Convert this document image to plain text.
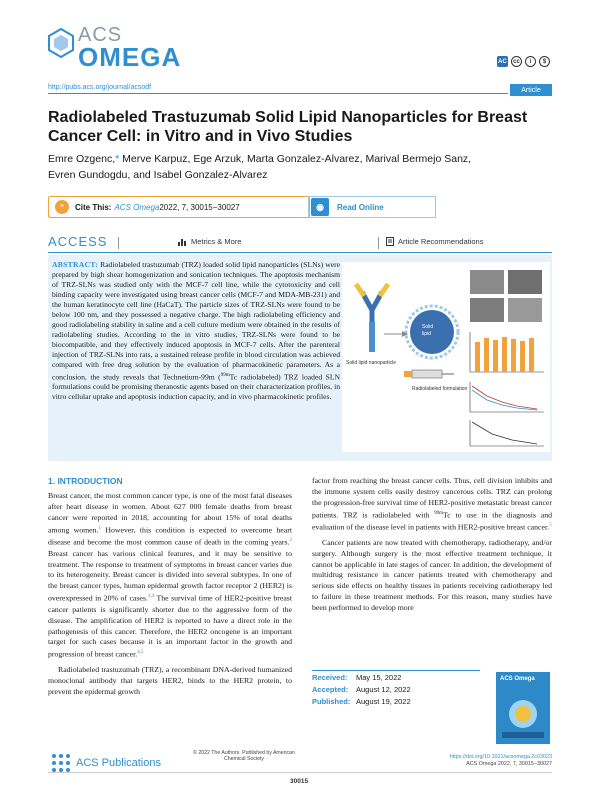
ACS
OMEGA	AC	cc	i	$
http://pubs.acs.org/journal/acsodf	Article
Radiolabeled Trastuzumab Solid Lipid Nanoparticles for Breast Cancer Cell: in Vitro and in Vivo Studies
Emre Ozgenc,* Merve Karpuz, Ege Arzuk, Marta Gonzalez-Alvarez, Marival Bermejo Sanz,
Evren Gundogdu, and Isabel Gonzalez-Alvarez
❝	Cite This: ACS Omega 2022, 7, 30015−30027	◉	Read Online
ACCESS	Metrics & More	Article Recommendations
ABSTRACT: Radiolabeled trastuzumab (TRZ) loaded solid lipid nanoparticles (SLNs) were prepared by high shear homogenization and sonication techniques. The apoptosis mechanism of TRZ-SLNs was studied only with the MCF-7 cell line, while the cytotoxicity and cell binding capacity were investigated using breast cancer cells (MCF-7 and MDA-MB-231) and the human keratinocyte cell line (HaCaT). The particle sizes of TRZ-SLNs were found to be below 100 nm, and they possessed a negative charge. The high radiolabeling efficiency and good radiolabeling stability in saline and a cell culture medium were obtained in the results of radiolabeling studies. According to the in vitro studies, TRZ-SLNs were found to be biocompatible, and they effectively induced apoptosis in MCF-7 cells. After the parenteral injection of TRZ-SLNs into rats, a sustained release profile in blood circulation was achieved compared with free drug solution by the evaluation of pharmacokinetic parameters. As a conclusion, the study reveals that Technetium-99m ($^{99m}$Tc radiolabeled) TRZ loaded SLN formulations could be promising theranostic agents based on their characterization profiles, in vitro cellular uptake and apoptosis induction capacity, and in vivo pharmacokinetic profiles.
Solid
lipid
Solid lipid nanoparticle
Radiolabeled formulation
1. INTRODUCTION

Breast cancer, the most common cancer type, is one of the most fatal diseases after heart disease in women. About 627 000 female deaths from breast cancer were reported in 2018, accounting for about 15% of total deaths among women.$^1$ However, this condition is expected to overcome heart disease and become the most common cause of death in the coming years.$^2$ Breast cancer has various clinical features, and it may be sensitive to treatment. The response to treatment of symptoms in breast cancer varies due to its heterogeneity. Breast cancer is divided into several subtypes. In one of the breast cancer types, human epidermal growth factor receptor 2 (HER2) is overexpressed in 20% of cases.$^{3,4}$ The survival time of HER2-positive breast cancer patients is significantly shorter due to the aggressive form of the disease. The amplification of HER2 is reported to have a direct role in the pathogenesis of this cancer. Therefore, the HER2 oncogene is an important target for such cases because it is an important factor in the growth and progression of breast cancer.$^{4,5}$

Radiolabeled trastuzumab (TRZ), a recombinant DNA-derived humanized monoclonal antibody that targets HER2, binds to the HER2 protein, to prevent the epidermal growth

factor from reaching the breast cancer cells. Thus, cell division inhibits and the immune system cells easily destroy cancerous cells. TRZ can prolong the progression-free survival time of HER2-positive metastatic breast cancer patients. TRZ is radiolabeled with $^{99m}$Tc to use in the diagnosis and evaluation of the disease level in patients with HER2-positive breast cancer.$^5$

Cancer patients are now treated with chemotherapy, radiotherapy, and/or surgery. Although surgery is the most effective treatment technique, it cannot be applicable in late stages of cancer. In addition, the development of multidrug resistance in cancer patients treated with chemotherapy and serious side effects on healthy tissues in patients receiving radiotherapy led to failure in these treatment methods. For this reason, many studies have been performed to develop more

Received: May 15, 2022
Accepted: August 12, 2022
Published: August 19, 2022
ACS Omega
ACS Publications
© 2022 The Authors. Published by American Chemical Society
30015
https://doi.org/10.1021/acsomega.2c03023
ACS Omega 2022, 7, 30015−30027
